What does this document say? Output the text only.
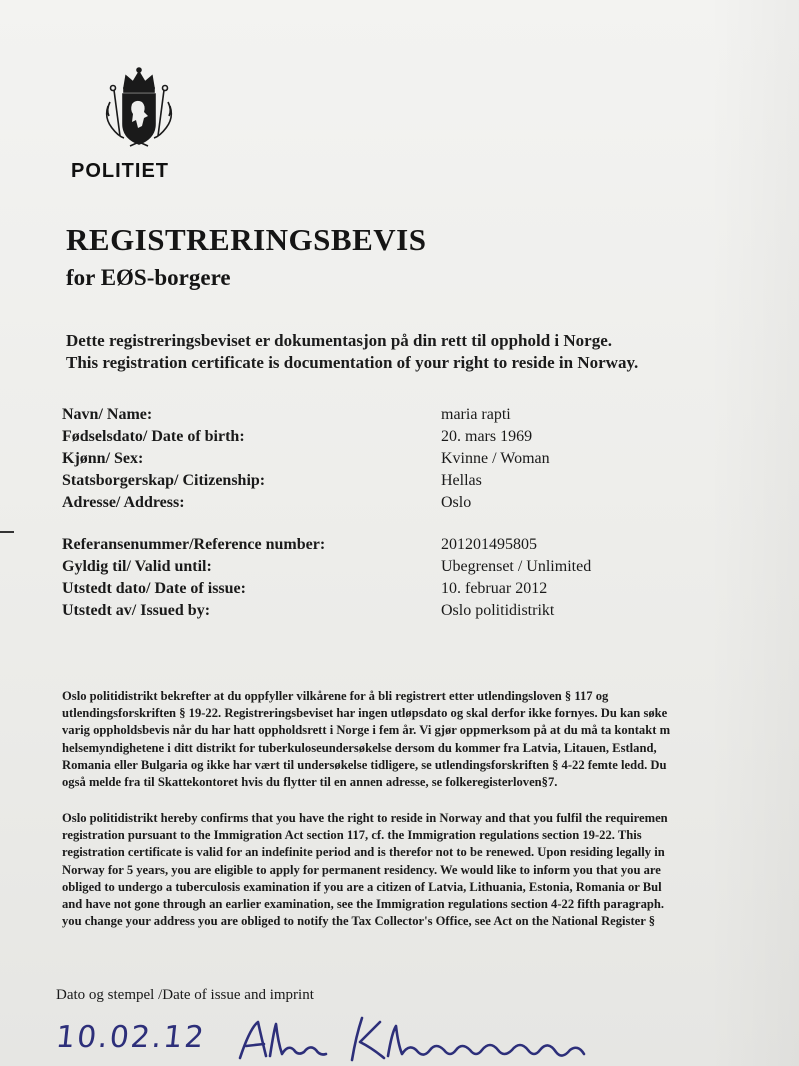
POLITIET
REGISTRERINGSBEVIS
for EØS-borgere
Dette registreringsbeviset er dokumentasjon på din rett til opphold i Norge.
This registration certificate is documentation of your right to reside in Norway.
Navn/ Name:	maria rapti
Fødselsdato/ Date of birth:	20. mars 1969
Kjønn/ Sex:	Kvinne / Woman
Statsborgerskap/ Citizenship:	Hellas
Adresse/ Address:	Oslo
Referansenummer/Reference number:	201201495805
Gyldig til/ Valid until:	Ubegrenset / Unlimited
Utstedt dato/ Date of issue:	10. februar 2012
Utstedt av/ Issued by:	Oslo politidistrikt
Oslo politidistrikt bekrefter at du oppfyller vilkårene for å bli registrert etter utlendingsloven § 117 og
utlendingsforskriften § 19-22. Registreringsbeviset har ingen utløpsdato og skal derfor ikke fornyes. Du kan søke
varig oppholdsbevis når du har hatt oppholdsrett i Norge i fem år. Vi gjør oppmerksom på at du må ta kontakt m
helsemyndighetene i ditt distrikt for tuberkuloseundersøkelse dersom du kommer fra Latvia, Litauen, Estland,
Romania eller Bulgaria og ikke har vært til undersøkelse tidligere, se utlendingsforskriften § 4-22 femte ledd. Du
også melde fra til Skattekontoret hvis du flytter til en annen adresse, se folkeregisterloven§7.
Oslo politidistrikt hereby confirms that you have the right to reside in Norway and that you fulfil the requiremen
registration pursuant to the Immigration Act section 117, cf. the Immigration regulations section 19-22. This
registration certificate is valid for an indefinite period and is therefor not to be renewed. Upon residing legally in
Norway for 5 years, you are eligible to apply for permanent residency. We would like to inform you that you are
obliged to undergo a tuberculosis examination if you are a citizen of Latvia, Lithuania, Estonia, Romania or Bul
and have not gone through an earlier examination, see the Immigration regulations section 4-22 fifth paragraph.
you change your address you are obliged to notify the Tax Collector's Office, see Act on the National Register §
Dato og stempel /Date of issue and imprint
10.02.12
